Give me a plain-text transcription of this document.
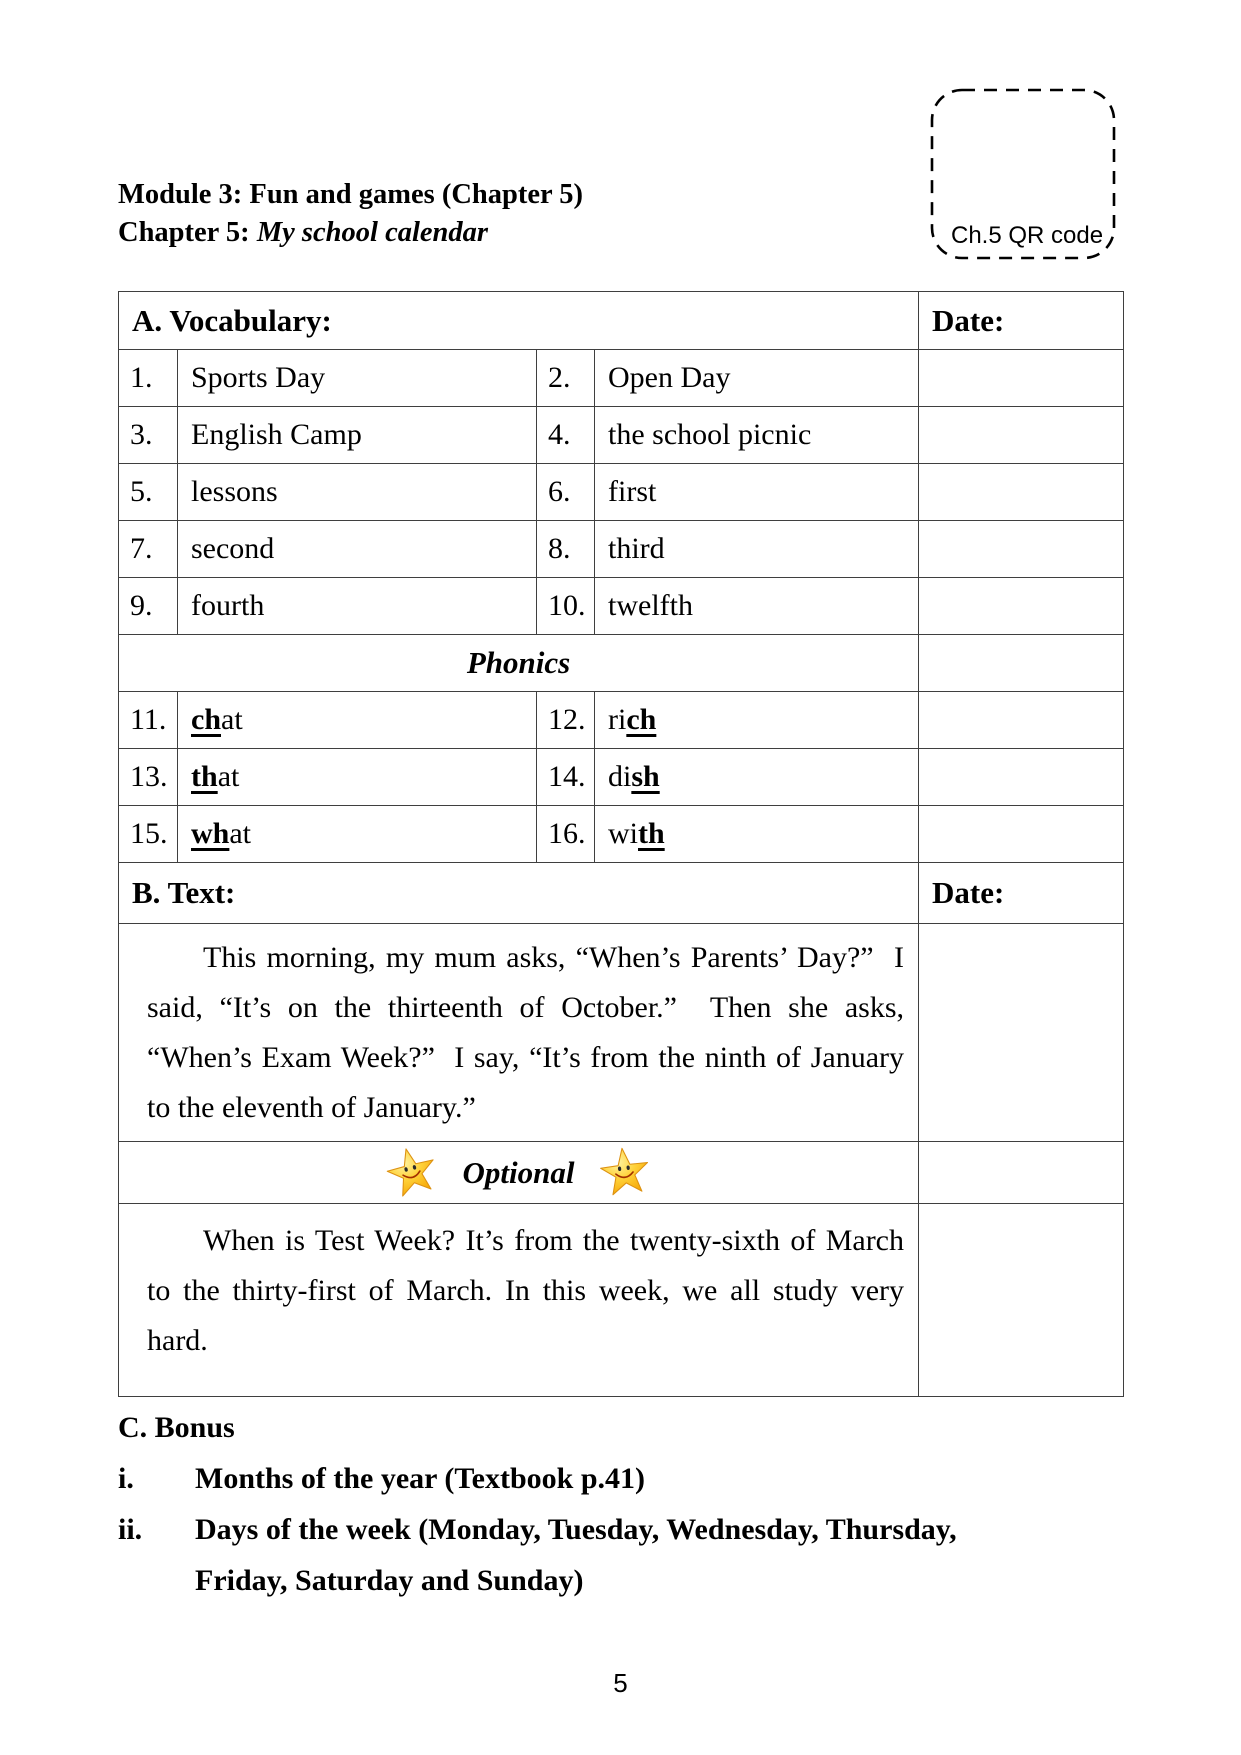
Ch.5 QR code
Module 3: Fun and games (Chapter 5)
Chapter 5: My school calendar
A. Vocabulary:				Date:
1.	Sports Day	2.	Open Day	
3.	English Camp	4.	the school picnic	
5.	lessons	6.	first	
7.	second	8.	third	
9.	fourth	10.	twelfth	
Phonics				
11.	chat	12.	rich	
13.	that	14.	dish	
15.	what	16.	with	
B. Text:				Date:

This morning, my mum asks, “When’s Parents’ Day?”  I said, “It’s on the thirteenth of October.”  Then she asks, “When’s Exam Week?”  I say, “It’s from the ninth of January to the eleventh of January.”				

Optional				

When is Test Week? It’s from the twenty-sixth of March to the thirty-first of March. In this week, we all study very hard.				

C. Bonus
i.	Months of the year (Textbook p.41)
ii.	Days of the week (Monday, Tuesday, Wednesday, Thursday, Friday, Saturday and Sunday)
5
